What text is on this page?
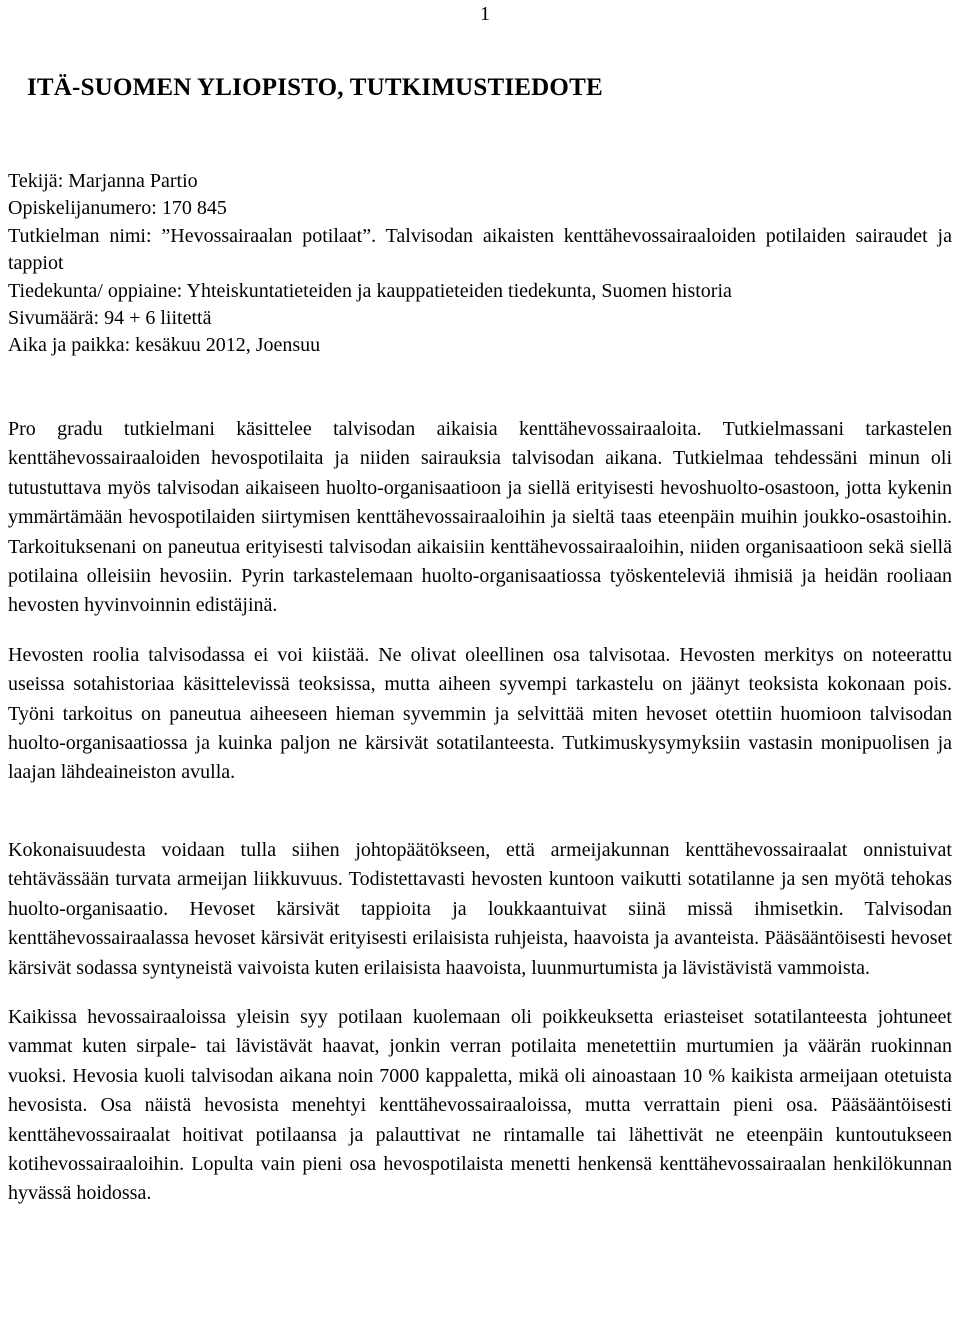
1
ITÄ-SUOMEN YLIOPISTO, TUTKIMUSTIEDOTE
Tekijä: Marjanna Partio
Opiskelijanumero: 170 845
Tutkielman nimi: ”Hevossairaalan potilaat”. Talvisodan aikaisten kenttähevossairaaloiden potilaiden sairaudet ja tappiot
Tiedekunta/ oppiaine: Yhteiskuntatieteiden ja kauppatieteiden tiedekunta, Suomen historia
Sivumäärä: 94 + 6 liitettä
Aika ja paikka: kesäkuu 2012, Joensuu

Pro gradu tutkielmani käsittelee talvisodan aikaisia kenttähevossairaaloita. Tutkielmassani tarkastelen kenttähevossairaaloiden hevospotilaita ja niiden sairauksia talvisodan aikana. Tutkielmaa tehdessäni minun oli tutustuttava myös talvisodan aikaiseen huolto-organisaatioon ja siellä erityisesti hevoshuolto-osastoon, jotta kykenin ymmärtämään hevospotilaiden siirtymisen kenttähevossairaaloihin ja sieltä taas eteenpäin muihin joukko-osastoihin. Tarkoituksenani on paneutua erityisesti talvisodan aikaisiin kenttähevossairaaloihin, niiden organisaatioon sekä siellä potilaina olleisiin hevosiin. Pyrin tarkastelemaan huolto-organisaatiossa työskenteleviä ihmisiä ja heidän rooliaan hevosten hyvinvoinnin edistäjinä.

Hevosten roolia talvisodassa ei voi kiistää. Ne olivat oleellinen osa talvisotaa. Hevosten merkitys on noteerattu useissa sotahistoriaa käsittelevissä teoksissa, mutta aiheen syvempi tarkastelu on jäänyt teoksista kokonaan pois. Työni tarkoitus on paneutua aiheeseen hieman syvemmin ja selvittää miten hevoset otettiin huomioon talvisodan huolto-organisaatiossa ja kuinka paljon ne kärsivät sotatilanteesta. Tutkimuskysymyksiin vastasin monipuolisen ja laajan lähdeaineiston avulla.

Kokonaisuudesta voidaan tulla siihen johtopäätökseen, että armeijakunnan kenttähevossairaalat onnistuivat tehtävässään turvata armeijan liikkuvuus. Todistettavasti hevosten kuntoon vaikutti sotatilanne ja sen myötä tehokas huolto-organisaatio. Hevoset kärsivät tappioita ja loukkaantuivat siinä missä ihmisetkin. Talvisodan kenttähevossairaalassa hevoset kärsivät erityisesti erilaisista ruhjeista, haavoista ja avanteista. Pääsääntöisesti hevoset kärsivät sodassa syntyneistä vaivoista kuten erilaisista haavoista, luunmurtumista ja lävistävistä vammoista.

Kaikissa hevossairaaloissa yleisin syy potilaan kuolemaan oli poikkeuksetta eriasteiset sotatilanteesta johtuneet vammat kuten sirpale- tai lävistävät haavat, jonkin verran potilaita menetettiin murtumien ja väärän ruokinnan vuoksi. Hevosia kuoli talvisodan aikana noin 7000 kappaletta, mikä oli ainoastaan 10 % kaikista armeijaan otetuista hevosista. Osa näistä hevosista menehtyi kenttähevossairaaloissa, mutta verrattain pieni osa. Pääsääntöisesti kenttähevossairaalat hoitivat potilaansa ja palauttivat ne rintamalle tai lähettivät ne eteenpäin kuntoutukseen kotihevossairaaloihin. Lopulta vain pieni osa hevospotilaista menetti henkensä kenttähevossairaalan henkilökunnan hyvässä hoidossa.
